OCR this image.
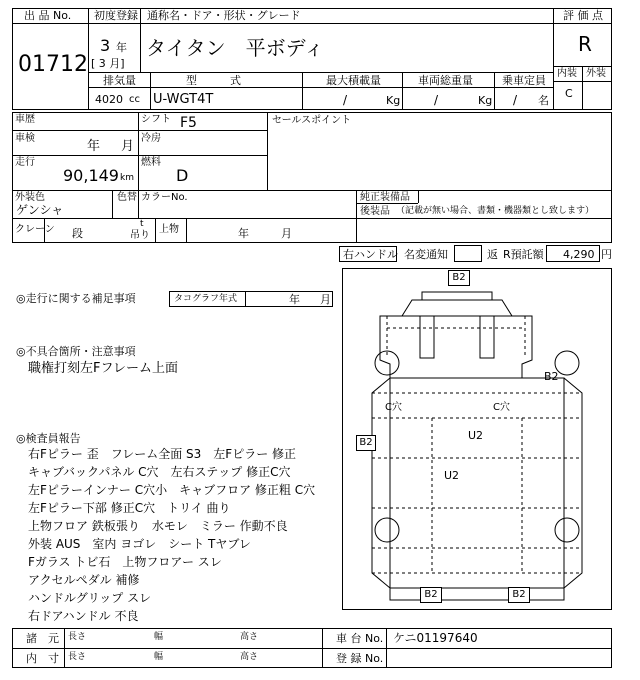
出 品 No.
01712
初度登録 通称名・ドア・形状・グレード
3 年
[ 3 月]
タイタン　平ボディ
評 価 点
R
内装 外装
C
排気量	型　　　式	最大積載量	車両総重量	乗車定員
4020 cc U-WGT4T	/	Kg	/	Kg / 名
車歴	シフト F5
車検
年 月
冷房
走行
90,149 km
燃料
D
セールスポイント
外装色
ゲンシャ
色替 カラーNo.	純正装備品
後装品 （記載が無い場合、書類・機器類とし致します）
クレーン 段
t
吊り
上物	年	月
右ハンドル 名変通知	返 R預託額 4,290 円
◎走行に関する補足事項	タコグラフ年式	年 月
◎不具合箇所・注意事項
職権打刻左Fフレーム上面
◎検査員報告
右Fピラー 歪　フレーム全面 S3　左Fピラー 修正
キャブバックパネル C穴　左右ステップ 修正C穴
左Fピラーインナー C穴小　キャブフロア 修正粗 C穴
左Fピラー下部 修正C穴　トリイ 曲り
上物フロア 鉄板張り　水モレ　ミラー 作動不良
外装 AUS　室内 ヨゴレ　シート Tヤブレ
Fガラス トビ石　上物フロアー スレ
アクセルペダル 補修
ハンドルグリップ スレ
右ドアハンドル 不良
B2
B2
B2
B2	B2
U2
U2
C穴	C穴
諸　元
内　寸
長さ	幅	高さ
長さ	幅	高さ
車 台 No. ケニ01197640
登 録 No.
